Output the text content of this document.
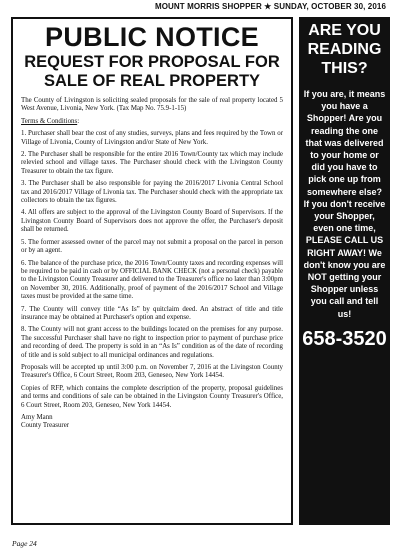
MOUNT MORRIS SHOPPER ★ SUNDAY, OCTOBER 30, 2016
PUBLIC NOTICE
REQUEST FOR PROPOSAL FOR SALE OF REAL PROPERTY

The County of Livingston is soliciting sealed proposals for the sale of real property located 5 West Avenue, Livonia, New York. (Tax Map No. 75.9-1-15)

Terms & Conditions:

1. Purchaser shall bear the cost of any studies, surveys, plans and fees required by the Town or Village of Livonia, County of Livingston and/or State of New York.

2. The Purchaser shall be responsible for the entire 2016 Town/County tax which may include relevied school and village taxes. The Purchaser should check with the Livingston County Treasurer to obtain the tax figure.

3. The Purchaser shall be also responsible for paying the 2016/2017 Livonia Central School tax and 2016/2017 Village of Livonia tax. The Purchaser should check with the appropriate tax collectors to obtain the tax figures.

4. All offers are subject to the approval of the Livingston County Board of Supervisors. If the Livingston County Board of Supervisors does not approve the offer, the Purchaser's deposit shall be returned.

5. The former assessed owner of the parcel may not submit a proposal on the parcel in person or by an agent.

6. The balance of the purchase price, the 2016 Town/County taxes and recording expenses will be required to be paid in cash or by OFFICIAL BANK CHECK (not a personal check) payable to the Livingston County Treasurer and delivered to the Treasurer's office no later than 3:00pm on November 30, 2016. Additionally, proof of payment of the 2016/2017 School and Village taxes must be provided at the same time.

7. The County will convey title “As Is” by quitclaim deed. An abstract of title and title insurance may be obtained at Purchaser's option and expense.

8. The County will not grant access to the buildings located on the premises for any purpose. The successful Purchaser shall have no right to inspection prior to payment of purchase price and recording of deed. The property is sold in an “As Is” condition as of the date of recording of title and is sold subject to all municipal ordinances and regulations.

Proposals will be accepted up until 3:00 p.m. on November 7, 2016 at the Livingston County Treasurer's Office, 6 Court Street, Room 203, Geneseo, New York 14454.

Copies of RFP, which contains the complete description of the property, proposal guidelines and terms and conditions of sale can be obtained in the Livingston County Treasurer's Office, 6 Court Street, Room 203, Geneseo, New York 14454.

Amy Mann
County Treasurer
ARE YOU READING THIS?
If you are, it means you have a Shopper! Are you reading the one that was delivered to your home or did you have to pick one up from somewhere else? If you don't receive your Shopper, even one time, PLEASE CALL US RIGHT AWAY! We don't know you are NOT getting your Shopper unless you call and tell us!
658-3520
Page 24
